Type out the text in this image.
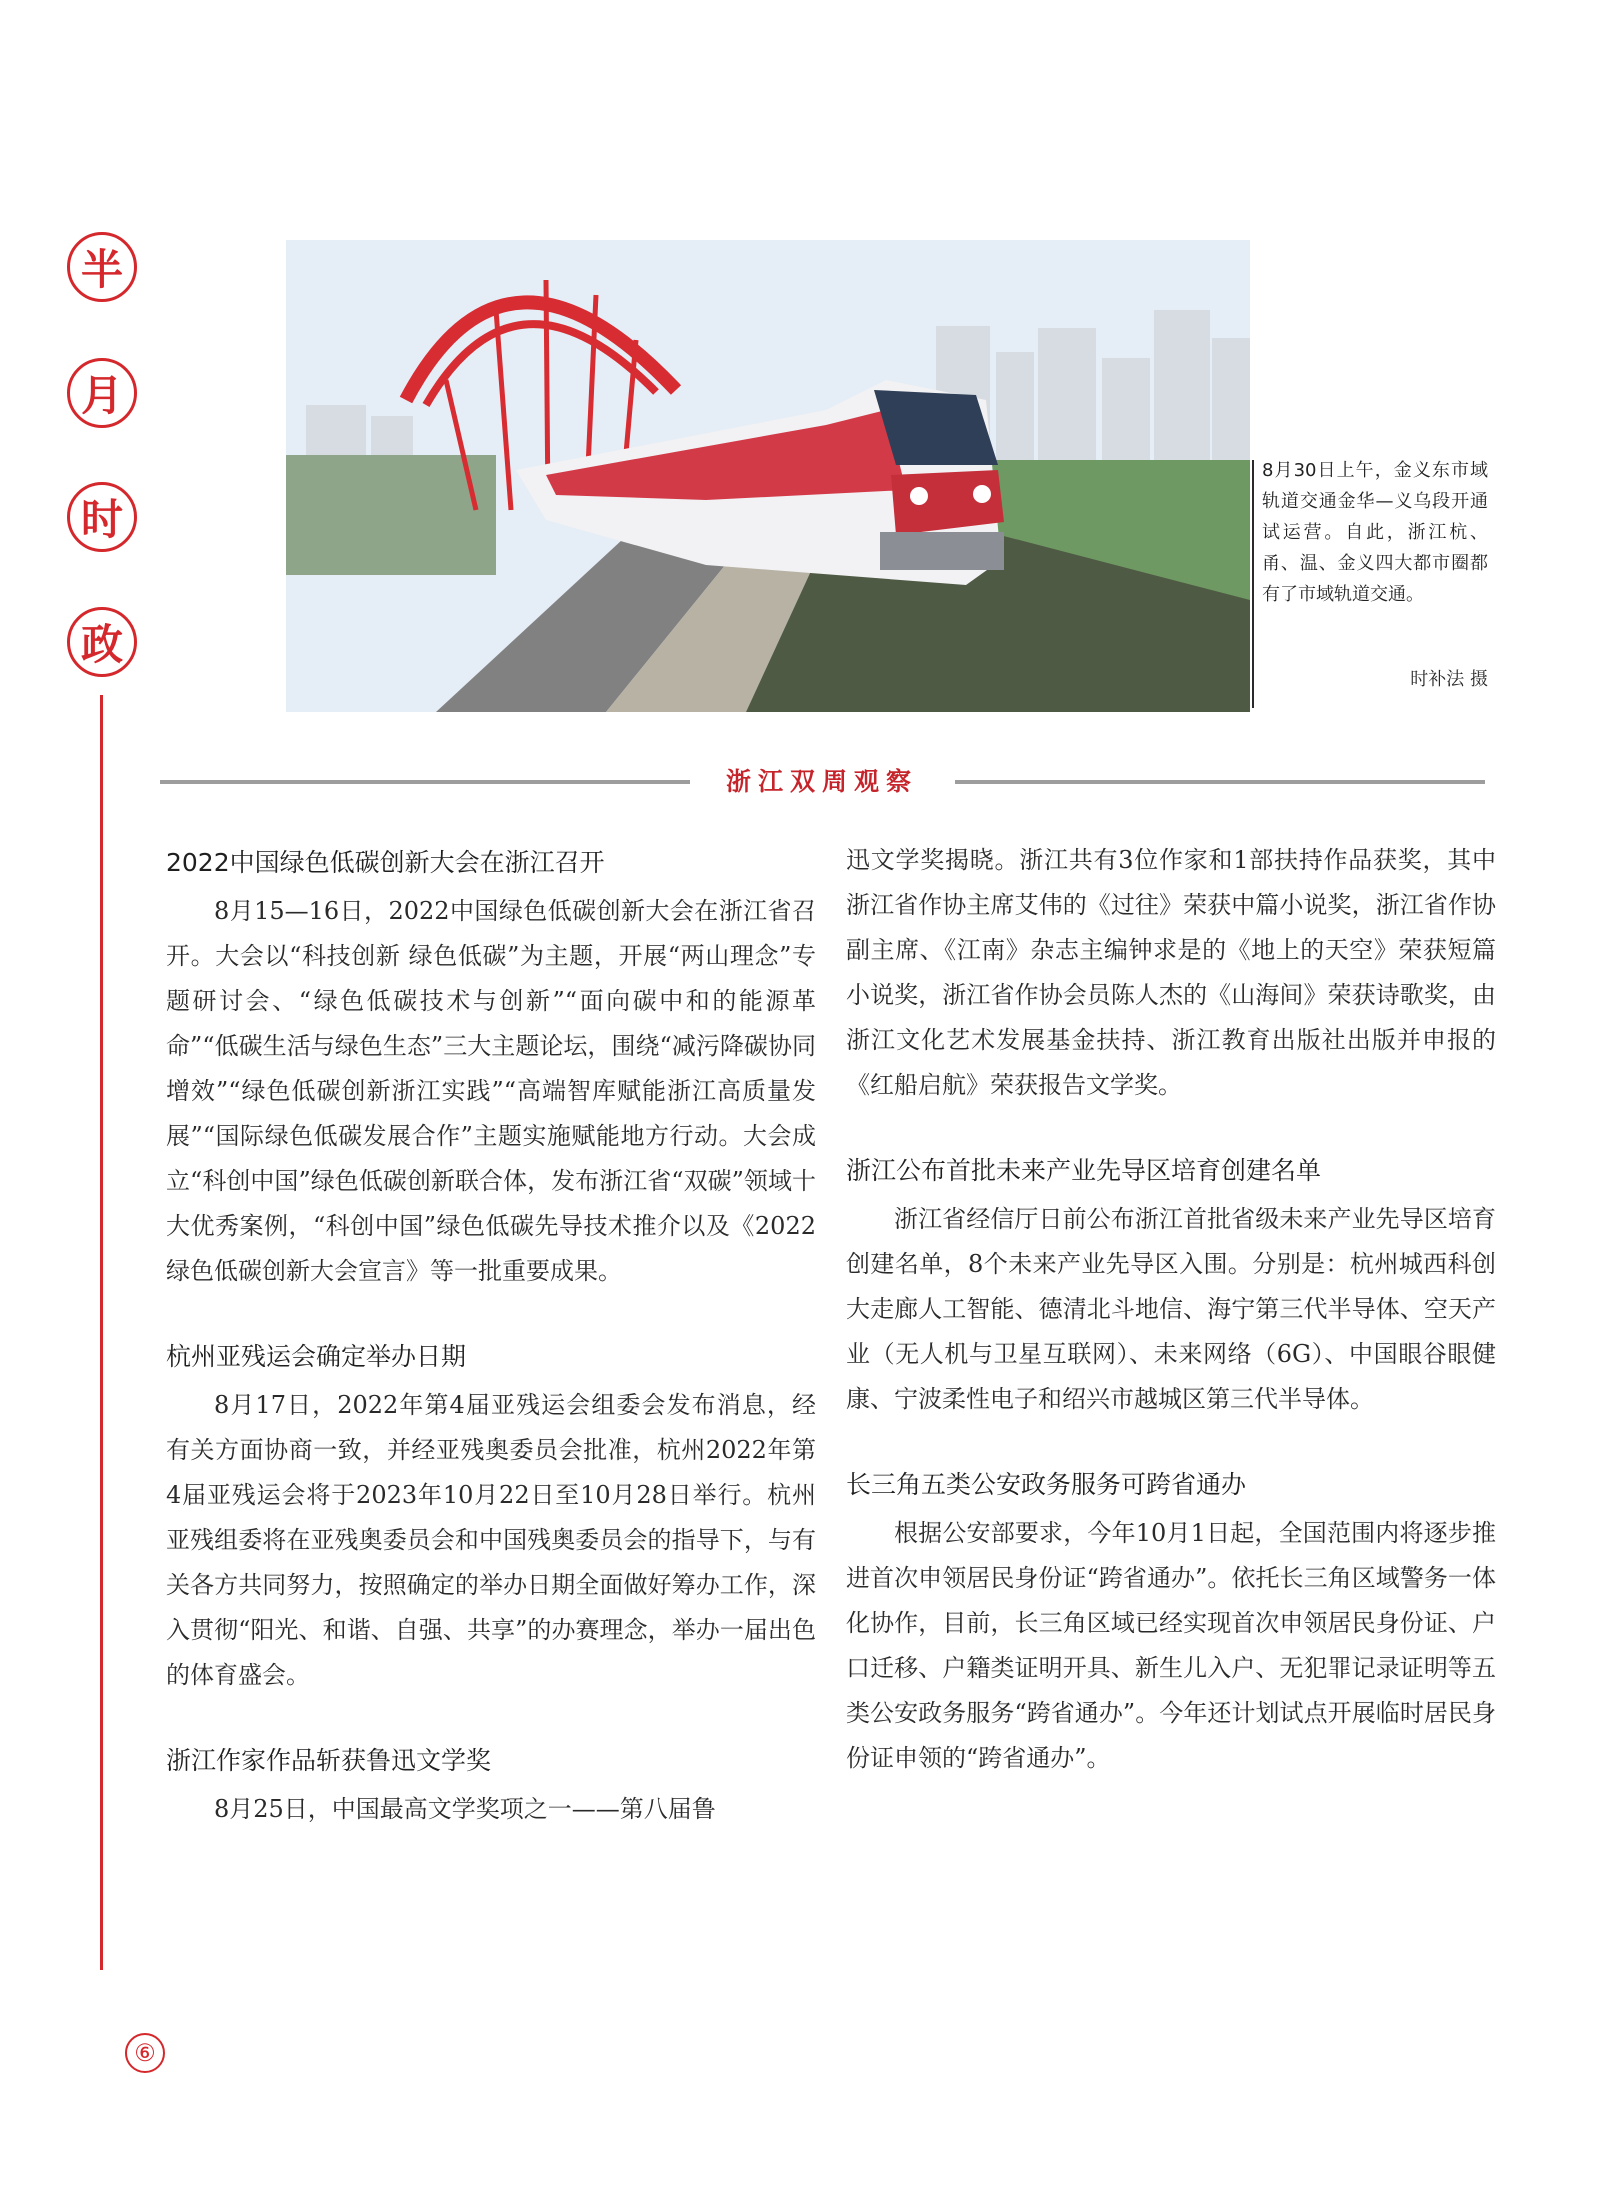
半
月
时
政
8月30日上午，金义东市域轨道交通金华—义乌段开通试运营。自此，浙江杭、甬、温、金义四大都市圈都有了市域轨道交通。
时补法 摄
浙江双周观察
2022中国绿色低碳创新大会在浙江召开

8月15—16日，2022中国绿色低碳创新大会在浙江省召开。大会以“科技创新 绿色低碳”为主题，开展“两山理念”专题研讨会、“绿色低碳技术与创新”“面向碳中和的能源革命”“低碳生活与绿色生态”三大主题论坛，围绕“减污降碳协同增效”“绿色低碳创新浙江实践”“高端智库赋能浙江高质量发展”“国际绿色低碳发展合作”主题实施赋能地方行动。大会成立“科创中国”绿色低碳创新联合体，发布浙江省“双碳”领域十大优秀案例，“科创中国”绿色低碳先导技术推介以及《2022绿色低碳创新大会宣言》等一批重要成果。

杭州亚残运会确定举办日期

8月17日，2022年第4届亚残运会组委会发布消息，经有关方面协商一致，并经亚残奥委员会批准，杭州2022年第4届亚残运会将于2023年10月22日至10月28日举行。杭州亚残组委将在亚残奥委员会和中国残奥委员会的指导下，与有关各方共同努力，按照确定的举办日期全面做好筹办工作，深入贯彻“阳光、和谐、自强、共享”的办赛理念，举办一届出色的体育盛会。

浙江作家作品斩获鲁迅文学奖

8月25日，中国最高文学奖项之一——第八届鲁

迅文学奖揭晓。浙江共有3位作家和1部扶持作品获奖，其中浙江省作协主席艾伟的《过往》荣获中篇小说奖，浙江省作协副主席、《江南》杂志主编钟求是的《地上的天空》荣获短篇小说奖，浙江省作协会员陈人杰的《山海间》荣获诗歌奖，由浙江文化艺术发展基金扶持、浙江教育出版社出版并申报的《红船启航》荣获报告文学奖。

浙江公布首批未来产业先导区培育创建名单

浙江省经信厅日前公布浙江首批省级未来产业先导区培育创建名单，8个未来产业先导区入围。分别是：杭州城西科创大走廊人工智能、德清北斗地信、海宁第三代半导体、空天产业（无人机与卫星互联网）、未来网络（6G）、中国眼谷眼健康、宁波柔性电子和绍兴市越城区第三代半导体。

长三角五类公安政务服务可跨省通办

根据公安部要求，今年10月1日起，全国范围内将逐步推进首次申领居民身份证“跨省通办”。依托长三角区域警务一体化协作，目前，长三角区域已经实现首次申领居民身份证、户口迁移、户籍类证明开具、新生儿入户、无犯罪记录证明等五类公安政务服务“跨省通办”。今年还计划试点开展临时居民身份证申领的“跨省通办”。

⑥
